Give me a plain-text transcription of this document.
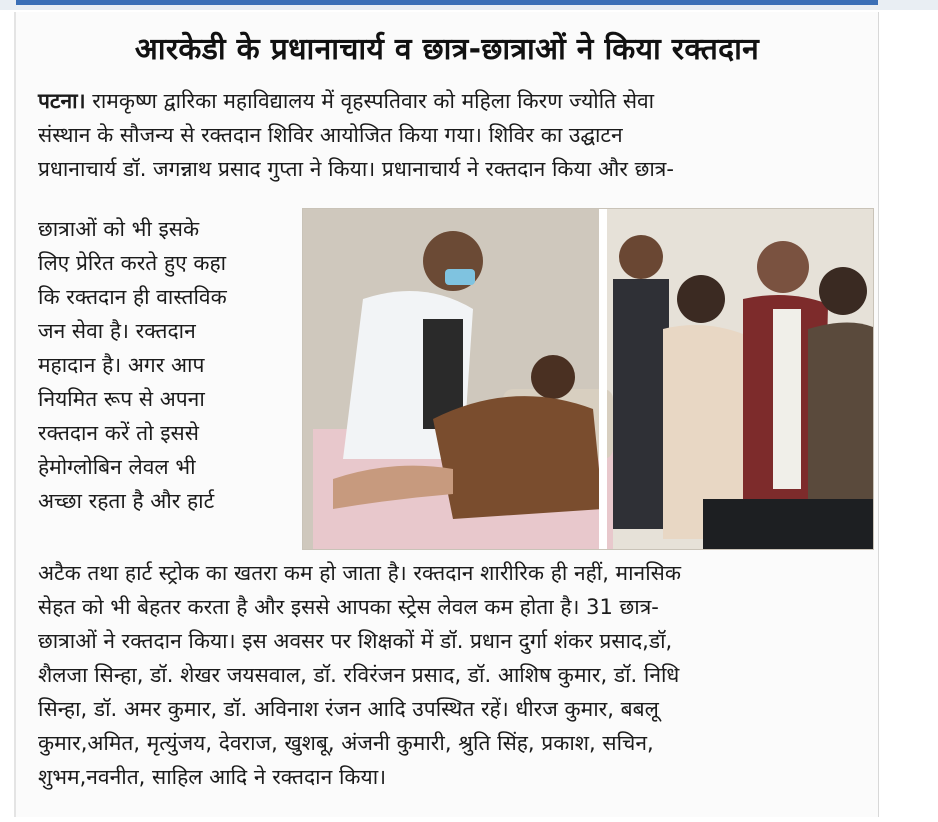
आरकेडी के प्रधानाचार्य व छात्र-छात्राओं ने किया रक्तदान
पटना। रामकृष्ण द्वारिका महाविद्यालय में वृहस्पतिवार को महिला किरण ज्योति सेवा
संस्थान के सौजन्य से रक्तदान शिविर आयोजित किया गया। शिविर का उद्घाटन
प्रधानाचार्य डॉ. जगन्नाथ प्रसाद गुप्ता ने किया। प्रधानाचार्य ने रक्तदान किया और छात्र-
छात्राओं को भी इसके
लिए प्रेरित करते हुए कहा
कि रक्तदान ही वास्तविक
जन सेवा है। रक्तदान
महादान है। अगर आप
नियमित रूप से अपना
रक्तदान करें तो इससे
हेमोग्लोबिन लेवल भी
अच्छा रहता है और हार्ट
अटैक तथा हार्ट स्ट्रोक का खतरा कम हो जाता है। रक्तदान शारीरिक ही नहीं, मानसिक
सेहत को भी बेहतर करता है और इससे आपका स्ट्रेस लेवल कम होता है। 31 छात्र-
छात्राओं ने रक्तदान किया। इस अवसर पर शिक्षकों में डॉ. प्रधान दुर्गा शंकर प्रसाद,डॉ,
शैलजा सिन्हा, डॉ. शेखर जयसवाल, डॉ. रविरंजन प्रसाद, डॉ. आशिष कुमार, डॉ. निधि
सिन्हा, डॉ. अमर कुमार, डॉ. अविनाश रंजन आदि उपस्थित रहें। धीरज कुमार, बबलू
कुमार,अमित, मृत्युंजय, देवराज, खुशबू, अंजनी कुमारी, श्रुति सिंह, प्रकाश, सचिन,
शुभम,नवनीत, साहिल आदि ने रक्तदान किया।
